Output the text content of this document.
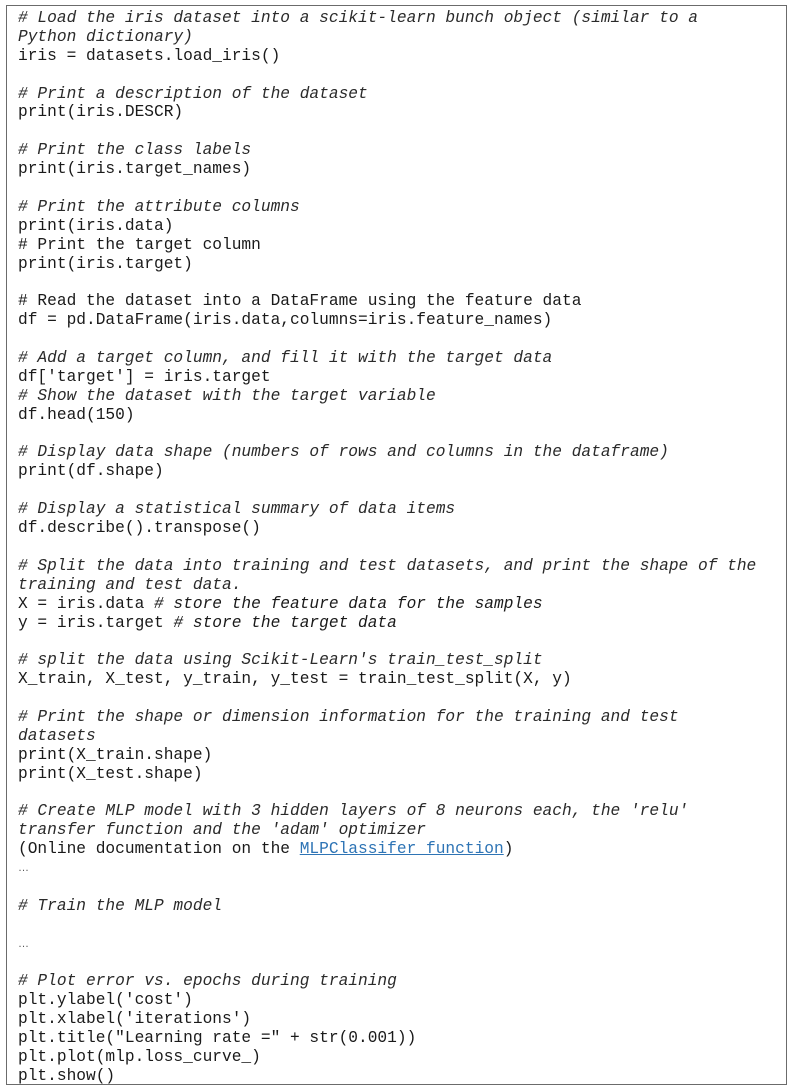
# Load the iris dataset into a scikit-learn bunch object (similar to a
Python dictionary)
iris = datasets.load_iris()
# Print a description of the dataset
print(iris.DESCR)
# Print the class labels
print(iris.target_names)
# Print the attribute columns
print(iris.data)
# Print the target column
print(iris.target)
# Read the dataset into a DataFrame using the feature data
df = pd.DataFrame(iris.data,columns=iris.feature_names)
# Add a target column, and fill it with the target data
df['target'] = iris.target
# Show the dataset with the target variable
df.head(150)
# Display data shape (numbers of rows and columns in the dataframe)
print(df.shape)
# Display a statistical summary of data items
df.describe().transpose()
# Split the data into training and test datasets, and print the shape of the
training and test data.
X = iris.data # store the feature data for the samples
y = iris.target # store the target data
# split the data using Scikit-Learn's train_test_split
X_train, X_test, y_train, y_test = train_test_split(X, y)
# Print the shape or dimension information for the training and test
datasets
print(X_train.shape)
print(X_test.shape)
# Create MLP model with 3 hidden layers of 8 neurons each, the 'relu'
transfer function and the 'adam' optimizer
(Online documentation on the MLPClassifer function)
…
# Train the MLP model
…
# Plot error vs. epochs during training
plt.ylabel('cost')
plt.xlabel('iterations')
plt.title("Learning rate =" + str(0.001))
plt.plot(mlp.loss_curve_)
plt.show()
